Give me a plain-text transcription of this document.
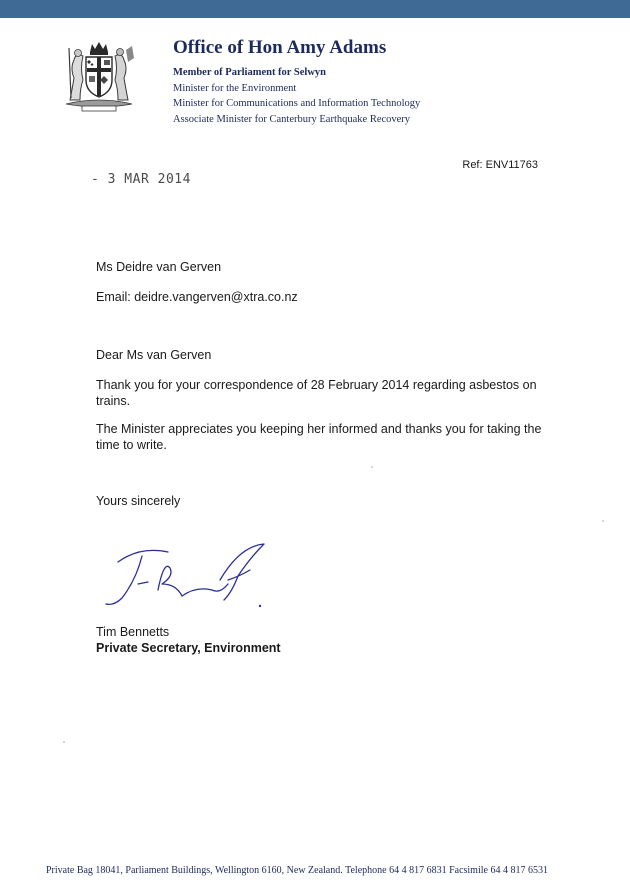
Office of Hon Amy Adams
Member of Parliament for Selwyn
Minister for the Environment
Minister for Communications and Information Technology
Associate Minister for Canterbury Earthquake Recovery
Ref: ENV11763
- 3 MAR 2014
Ms Deidre van Gerven
Email: deidre.vangerven@xtra.co.nz
Dear Ms van Gerven
Thank you for your correspondence of 28 February 2014 regarding asbestos on trains.
The Minister appreciates you keeping her informed and thanks you for taking the time to write.
Yours sincerely
Tim Bennetts
Private Secretary, Environment
Private Bag 18041, Parliament Buildings, Wellington 6160, New Zealand. Telephone 64 4 817 6831 Facsimile 64 4 817 6531
